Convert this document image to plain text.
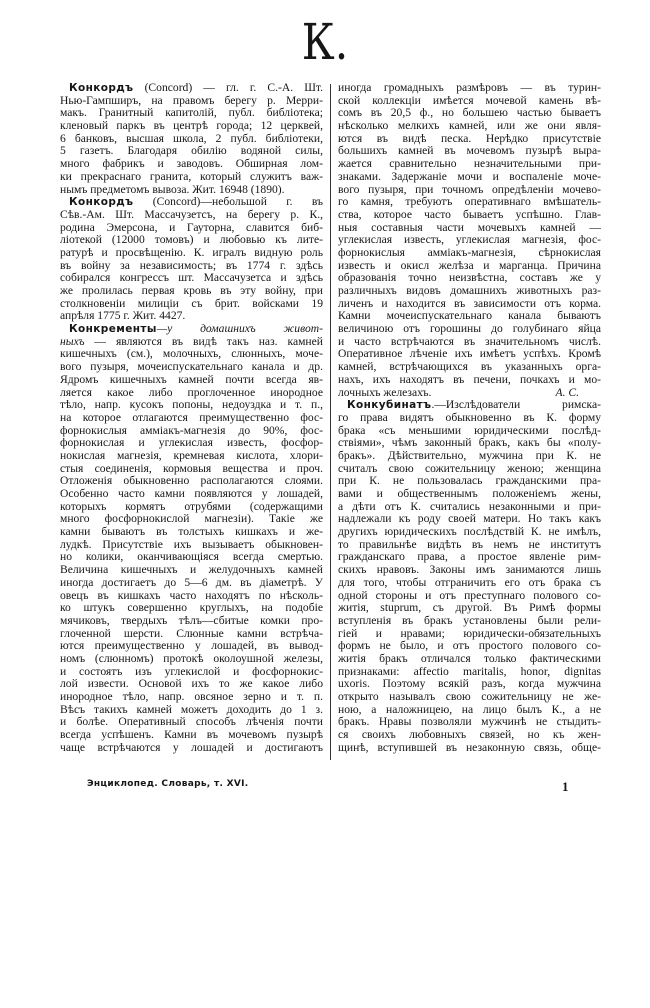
К.
Конкордъ (Concord) — гл. г. С.-А. Шт.
Нью-Гампширъ, на правомъ берегу р. Мерри-
макъ. Гранитный капитолій, публ. библіотека;
кленовый паркъ въ центрѣ города; 12 церквей,
6 банковъ, высшая школа, 2 публ. библіотеки,
5 газетъ. Благодаря обилію водяной силы,
много фабрикъ и заводовъ. Обширная лом-
ки прекраснаго гранита, который служитъ важ-
нымъ предметомъ вывоза. Жит. 16948 (1890).
Конкордъ (Concord)—небольшой г. въ
Сѣв.-Ам. Шт. Массачузетсъ, на берегу р. К.,
родина Эмерсона, и Гауторна, славится биб-
ліотекой (12000 томовъ) и любовью къ лите-
ратурѣ и просвѣщенію. К. игралъ видную роль
въ войну за независимость; въ 1774 г. здѣсь
собирался конгрессъ шт. Массачузетса и здѣсь
же пролилась первая кровь въ эту войну, при
столкновеніи милиціи съ брит. войсками 19
апрѣля 1775 г. Жит. 4427.
Конкременты—у домашнихъ живот-
ныхъ — являются въ видѣ такъ наз. камней
кишечныхъ (см.), молочныхъ, слюнныхъ, моче-
вого пузыря, мочеиспускательнаго канала и др.
Ядромъ кишечныхъ камней почти всегда яв-
ляется какое либо проглоченное инородное
тѣло, напр. кусокъ попоны, недоуздка и т. п.,
на которое отлагаются преимущественно фос-
форнокислыя амміакъ-магнезія до 90%, фос-
форнокислая и углекислая известь, фосфор-
нокислая магнезія, кремневая кислота, хлори-
стыя соединенія, кормовыя вещества и проч.
Отложенія обыкновенно располагаются слоями.
Особенно часто камни появляются у лошадей,
которыхъ кормятъ отрубями (содержащими
много фосфорнокислой магнезіи). Такіе же
камни бываютъ въ толстыхъ кишкахъ и же-
лудкѣ. Присутствіе ихъ вызываетъ обыкновен-
но колики, оканчивающіяся всегда смертью.
Величина кишечныхъ и желудочныхъ камней
иногда достигаетъ до 5—6 дм. въ діаметрѣ. У
овецъ въ кишкахъ часто находятъ по нѣсколь-
ко штукъ совершенно круглыхъ, на подобіе
мячиковъ, твердыхъ тѣлъ—сбитые комки про-
глоченной шерсти. Слюнные камни встрѣча-
ются преимущественно у лошадей, въ вывод-
номъ (слюнномъ) протокѣ околоушной железы,
и состоятъ изъ углекислой и фосфорнокис-
лой извести. Основой ихъ то же какое либо
инородное тѣло, напр. овсяное зерно и т. п.
Вѣсъ такихъ камней можетъ доходить до 1 з.
и болѣе. Оперативный способъ лѣченія почти
всегда успѣшенъ. Камни въ мочевомъ пузырѣ
чаще встрѣчаются у лошадей и достигаютъ
иногда громадныхъ размѣровъ — въ турин-
ской коллекціи имѣется мочевой камень вѣ-
сомъ въ 20,5 ф., но большею частью бываетъ
нѣсколько мелкихъ камней, или же они явля-
ются въ видѣ песка. Нерѣдко присутствіе
большихъ камней въ мочевомъ пузырѣ выра-
жается сравнительно незначительными при-
знаками. Задержаніе мочи и воспаленіе моче-
вого пузыря, при точномъ опредѣленіи мочево-
го камня, требуютъ оперативнаго вмѣшатель-
ства, которое часто бываетъ успѣшно. Глав-
ныя составныя части мочевыхъ камней —
углекислая известь, углекислая магнезія, фос-
форнокислыя амміакъ-магнезія, сѣрнокислая
известь и окисл желѣза и марганца. Причина
образованія точно неизвѣстна, составъ же у
различныхъ видовъ домашнихъ животныхъ раз-
личенъ и находится въ зависимости отъ корма.
Камни мочеиспускательнаго канала бываютъ
величиною отъ горошины до голубинаго яйца
и часто встрѣчаются въ значительномъ числѣ.
Оперативное лѣченіе ихъ имѣетъ успѣхъ. Кромѣ
камней, встрѣчающихся въ указанныхъ орга-
нахъ, ихъ находятъ въ печени, почкахъ и мо-
лочныхъ железахъ.	А. С.
Конкубинатъ.—Изслѣдователи римска-
го права видятъ обыкновенно въ К. форму
брака «съ меньшими юридическими послѣд-
ствіями», чѣмъ законный бракъ, какъ бы «полу-
бракъ». Дѣйствительно, мужчина при К. не
считалъ свою сожительницу женою; женщина
при К. не пользовалась гражданскими пра-
вами и общественнымъ положеніемъ жены,
а дѣти отъ К. считались незаконными и при-
надлежали къ роду своей матери. Но такъ какъ
другихъ юридическихъ послѣдствій К. не имѣлъ,
то правильнѣе видѣть въ немъ не институтъ
гражданскаго права, а простое явленіе рим-
скихъ нравовъ. Законы имъ занимаются лишь
для того, чтобы отграничить его отъ брака съ
одной стороны и отъ преступнаго полового со-
житія, stuprum, съ другой. Въ Римѣ формы
вступленія въ бракъ установлены были рели-
гіей и нравами; юридически-обязательныхъ
формъ не было, и отъ простого полового со-
житія бракъ отличался только фактическими
признаками: affectio maritalis, honor, dignitas
uxoris. Поэтому всякій разъ, когда мужчина
открыто называлъ свою сожительницу не же-
ною, а наложницею, на лицо былъ К., а не
бракъ. Нравы позволяли мужчинѣ не стыдить-
ся своихъ любовныхъ связей, но къ жен-
щинѣ, вступившей въ незаконную связь, обще-
Энциклопед. Словарь, т. XVI.	1
